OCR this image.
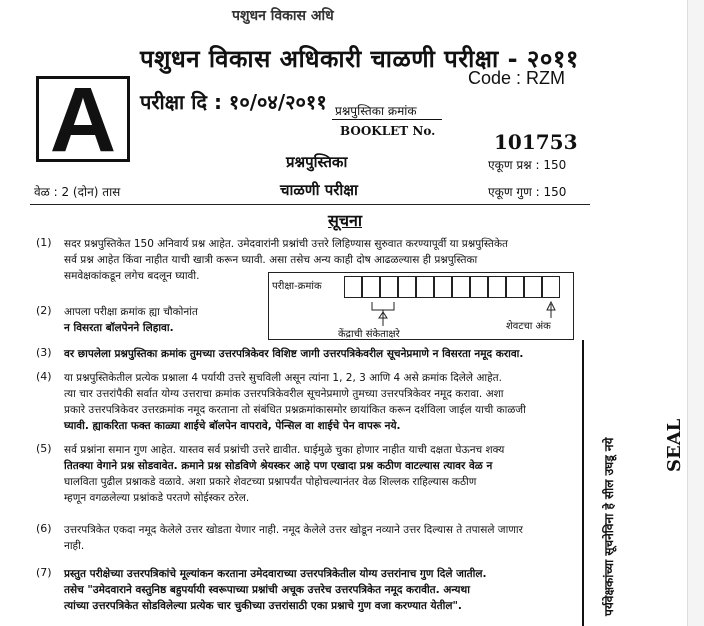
पशुधन विकास अधि
पशुधन विकास अधिकारी चाळणी परीक्षा - २०११
Code : RZM
A	परीक्षा दि : १०/०४/२०११ प्रश्नपुस्तिका क्रमांक
BOOKLET No.	101753
प्रश्नपुस्तिका	एकूण प्रश्न : 150
वेळ : 2 (दोन) तास	चाळणी परीक्षा	एकूण गुण : 150
सूचना
(1) सदर प्रश्नपुस्तिकेत 150 अनिवार्य प्रश्न आहेत. उमेदवारांनी प्रश्नांची उत्तरे लिहिण्यास सुरुवात करण्यापूर्वी या प्रश्नपुस्तिकेत
सर्व प्रश्न आहेत किंवा नाहीत याची खात्री करून घ्यावी. असा तसेच अन्य काही दोष आढळल्यास ही प्रश्नपुस्तिका
समवेक्षकांकडून लगेच बदलून घ्यावी.
(2) आपला परीक्षा क्रमांक ह्या चौकोनांत
न विसरता बॉलपेनने लिहावा.
परीक्षा-क्रमांक
केंद्राची संकेताक्षरे
शेवटचा अंक
(3) वर छापलेला प्रश्नपुस्तिका क्रमांक तुमच्या उत्तरपत्रिकेवर विशिष्ट जागी उत्तरपत्रिकेवरील सूचनेप्रमाणे न विसरता नमूद करावा.
(4) या प्रश्नपुस्तिकेतील प्रत्येक प्रश्नाला 4 पर्यायी उत्तरे सुचविली असून त्यांना 1, 2, 3 आणि 4 असे क्रमांक दिलेले आहेत.
त्या चार उत्तरांपैकी सर्वात योग्य उत्तराचा क्रमांक उत्तरपत्रिकेवरील सूचनेप्रमाणे तुमच्या उत्तरपत्रिकेवर नमूद करावा. अशा
प्रकारे उत्तरपत्रिकेवर उत्तरक्रमांक नमूद करताना तो संबंधित प्रश्नक्रमांकासमोर छायांकित करून दर्शविला जाईल याची काळजी
घ्यावी. ह्याकरिता फक्त काळ्या शाईचे बॉलपेन वापरावे, पेन्सिल वा शाईचे पेन वापरू नये.
(5) सर्व प्रश्नांना समान गुण आहेत. यास्तव सर्व प्रश्नांची उत्तरे द्यावीत. घाईमुळे चुका होणार नाहीत याची दक्षता घेऊनच शक्य
तितक्या वेगाने प्रश्न सोडवावेत. क्रमाने प्रश्न सोडविणे श्रेयस्कर आहे पण एखादा प्रश्न कठीण वाटल्यास त्यावर वेळ न
घालविता पुढील प्रश्नाकडे वळावे. अशा प्रकारे शेवटच्या प्रश्नापर्यंत पोहोचल्यानंतर वेळ शिल्लक राहिल्यास कठीण
म्हणून वगळलेल्या प्रश्नांकडे परतणे सोईस्कर ठरेल.
(6) उत्तरपत्रिकेत एकदा नमूद केलेले उत्तर खोडता येणार नाही. नमूद केलेले उत्तर खोडून नव्याने उत्तर दिल्यास ते तपासले जाणार
नाही.
(7) प्रस्तुत परीक्षेच्या उत्तरपत्रिकांचे मूल्यांकन करताना उमेदवाराच्या उत्तरपत्रिकेतील योग्य उत्तरांनाच गुण दिले जातील.
तसेच "उमेदवाराने वस्तुनिष्ठ बहुपर्यायी स्वरूपाच्या प्रश्नांची अचूक उत्तरेच उत्तरपत्रिकेत नमूद करावीत. अन्यथा
त्यांच्या उत्तरपत्रिकेत सोडविलेल्या प्रत्येक चार चुकीच्या उत्तरांसाठी एका प्रश्नाचे गुण वजा करण्यात येतील".	पर्यवेक्षकांच्या सूचनेविना हे सील उघडू नये	SEAL
